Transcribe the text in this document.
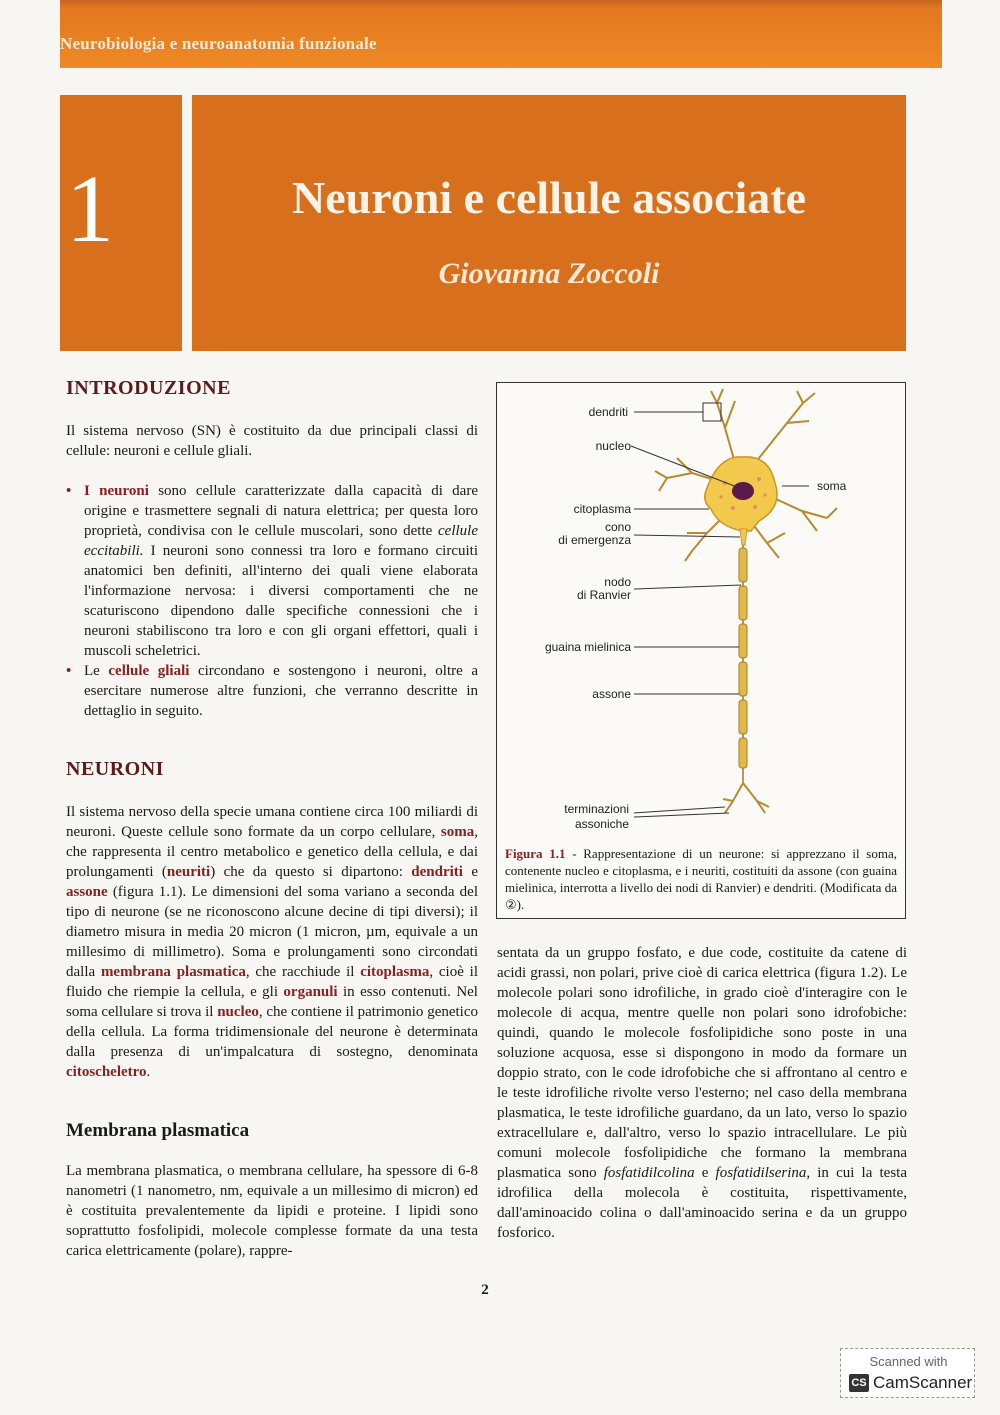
Neurobiologia e neuroanatomia funzionale
1	Neuroni e cellule associate
Giovanna Zoccoli
INTRODUZIONE

Il sistema nervoso (SN) è costituito da due principali classi di cellule: neuroni e cellule gliali.

• I neuroni sono cellule caratterizzate dalla capacità di dare origine e trasmettere segnali di natura elettrica; per questa loro proprietà, condivisa con le cellule muscolari, sono dette cellule eccitabili. I neuroni sono connessi tra loro e formano circuiti anatomici ben definiti, all'interno dei quali viene elaborata l'informazione nervosa: i diversi comportamenti che ne scaturiscono dipendono dalle specifiche connessioni che i neuroni stabiliscono tra loro e con gli organi effettori, quali i muscoli scheletrici.
• Le cellule gliali circondano e sostengono i neuroni, oltre a esercitare numerose altre funzioni, che verranno descritte in dettaglio in seguito.
NEURONI

Il sistema nervoso della specie umana contiene circa 100 miliardi di neuroni. Queste cellule sono formate da un corpo cellulare, soma, che rappresenta il centro metabolico e genetico della cellula, e dai prolungamenti (neuriti) che da questo si dipartono: dendriti e assone (figura 1.1). Le dimensioni del soma variano a seconda del tipo di neurone (se ne riconoscono alcune decine di tipi diversi); il diametro misura in media 20 micron (1 micron, µm, equivale a un millesimo di millimetro). Soma e prolungamenti sono circondati dalla membrana plasmatica, che racchiude il citoplasma, cioè il fluido che riempie la cellula, e gli organuli in esso contenuti. Nel soma cellulare si trova il nucleo, che contiene il patrimonio genetico della cellula. La forma tridimensionale del neurone è determinata dalla presenza di un'impalcatura di sostegno, denominata citoscheletro.

Membrana plasmatica

La membrana plasmatica, o membrana cellulare, ha spessore di 6-8 nanometri (1 nanometro, nm, equivale a un millesimo di micron) ed è costituita prevalentemente da lipidi e proteine. I lipidi sono soprattutto fosfolipidi, molecole complesse formate da una testa carica elettricamente (polare), rappre-

sentata da un gruppo fosfato, e due code, costituite da catene di acidi grassi, non polari, prive cioè di carica elettrica (figura 1.2). Le molecole polari sono idrofiliche, in grado cioè d'interagire con le molecole di acqua, mentre quelle non polari sono idrofobiche: quindi, quando le molecole fosfolipidiche sono poste in una soluzione acquosa, esse si dispongono in modo da formare un doppio strato, con le code idrofobiche che si affrontano al centro e le teste idrofiliche rivolte verso l'esterno; nel caso della membrana plasmatica, le teste idrofiliche guardano, da un lato, verso lo spazio extracellulare e, dall'altro, verso lo spazio intracellulare. Le più comuni molecole fosfolipidiche che formano la membrana plasmatica sono fosfatidilcolina e fosfatidilserina, in cui la testa idrofilica della molecola è costituita, rispettivamente, dall'aminoacido colina o dall'aminoacido serina e da un gruppo fosforico.

dendriti
nucleo
soma
citoplasma
cono
di emergenza
nodo
di Ranvier
guaina mielinica
assone
terminazioni
assoniche
Figura 1.1 - Rappresentazione di un neurone: si apprezzano il soma, contenente nucleo e citoplasma, e i neuriti, costituiti da assone (con guaina mielinica, interrotta a livello dei nodi di Ranvier) e dendriti. (Modificata da ②).
2
Scanned with
CS CamScanner
